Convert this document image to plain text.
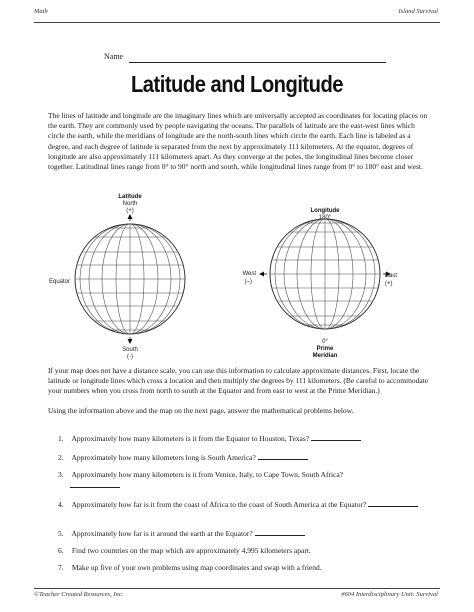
Math	Island Survival
Name
Latitude and Longitude
The lines of latitude and longitude are the imaginary lines which are universally accepted as coordinates for locating places on the earth. They are commonly used by people navigating the oceans. The parallels of latitude are the east-west lines which circle the earth, while the meridians of longitude are the north-south lines which circle the earth. Each line is labeled as a degree, and each degree of latitude is separated from the next by approximately 111 kilometers. At the equator, degrees of longitude are also approximately 111 kilometers apart. As they converge at the poles, the longitudinal lines become closer together. Latitudinal lines range from 0° to 90° north and south, while longitudinal lines range from 0° to 180° east and west.
Latitude
North
(+)
Equator
South
(-)
Longitude
180°
West
(–)
East
(+)
0°
Prime
Meridian
If your map does not have a distance scale, you can use this information to calculate approximate distances. First, locate the latitude or longitude lines which cross a location and then multiply the degrees by 111 kilometers. (Be careful to accommodate your numbers when you cross from north to south at the Equator and from east to west at the Prime Meridian.)
Using the information above and the map on the next page, answer the mathematical problems below.
1. Approximately how many kilometers is it from the Equator to Houston, Texas?
2. Approximately how many kilometers long is South America?
3. Approximately how many kilometers is it from Venice, Italy, to Cape Town, South Africa?

4. Approximately how far is it from the coast of Africa to the coast of South America at the Equator?
5. Approximately how far is it around the earth at the Equator?
6. Find two countries on the map which are approximately 4,995 kilometers apart.
7. Make up five of your own problems using map coordinates and swap with a friend.
©Teacher Created Resources, Inc.	#604 Interdisciplinary Unit: Survival
